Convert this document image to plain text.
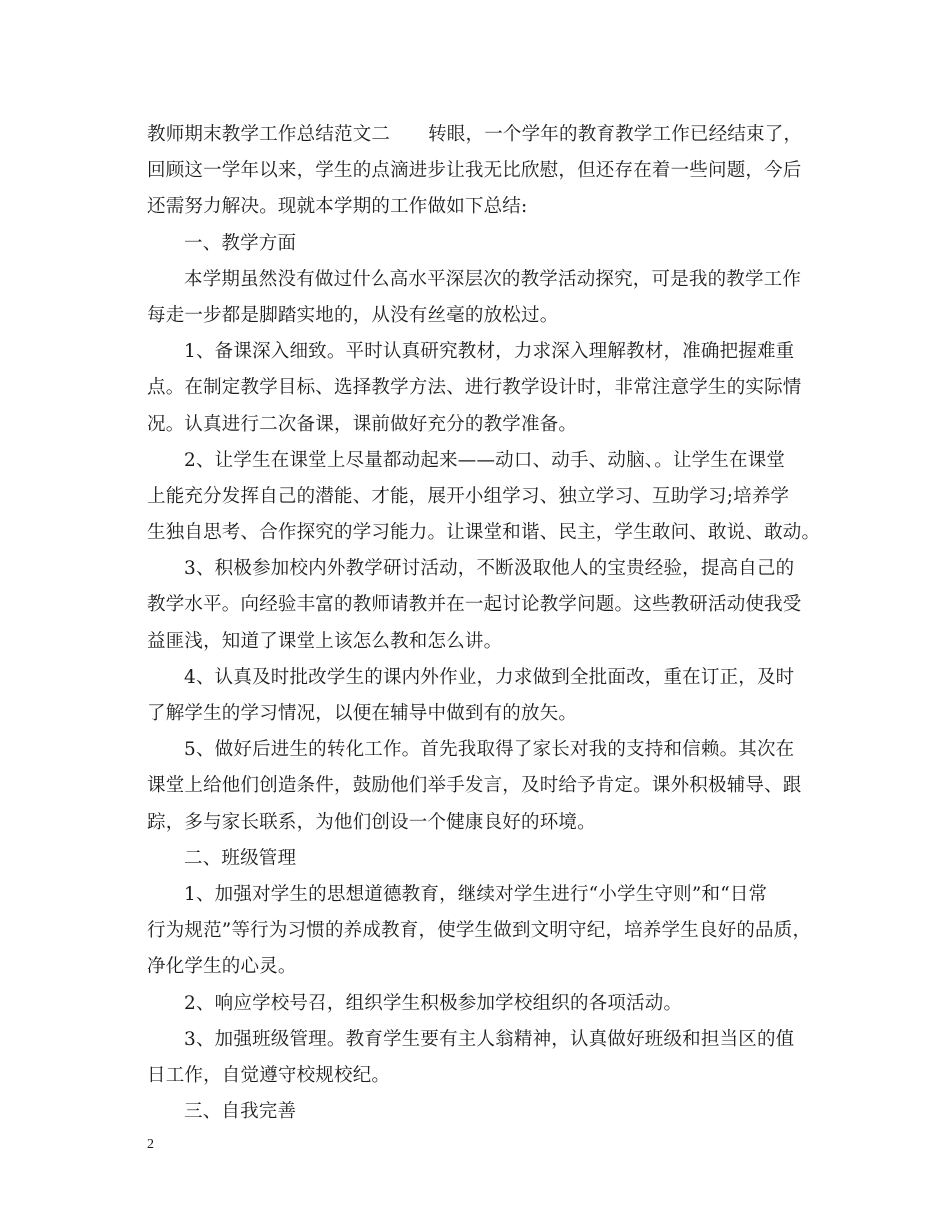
教师期末教学工作总结范文二 转眼，一个学年的教育教学工作已经结束了，
回顾这一学年以来，学生的点滴进步让我无比欣慰，但还存在着一些问题，今后
还需努力解决。现就本学期的工作做如下总结:
一、教学方面
本学期虽然没有做过什么高水平深层次的教学活动探究，可是我的教学工作
每走一步都是脚踏实地的，从没有丝毫的放松过。
1、备课深入细致。平时认真研究教材，力求深入理解教材，准确把握难重
点。在制定教学目标、选择教学方法、进行教学设计时，非常注意学生的实际情
况。认真进行二次备课，课前做好充分的教学准备。
2、让学生在课堂上尽量都动起来——动口、动手、动脑、。让学生在课堂
上能充分发挥自己的潜能、才能，展开小组学习、独立学习、互助学习;培养学
生独自思考、合作探究的学习能力。让课堂和谐、民主，学生敢问、敢说、敢动。
3、积极参加校内外教学研讨活动，不断汲取他人的宝贵经验，提高自己的
教学水平。向经验丰富的教师请教并在一起讨论教学问题。这些教研活动使我受
益匪浅，知道了课堂上该怎么教和怎么讲。
4、认真及时批改学生的课内外作业，力求做到全批面改，重在订正，及时
了解学生的学习情况，以便在辅导中做到有的放矢。
5、做好后进生的转化工作。首先我取得了家长对我的支持和信赖。其次在
课堂上给他们创造条件，鼓励他们举手发言，及时给予肯定。课外积极辅导、跟
踪，多与家长联系，为他们创设一个健康良好的环境。
二、班级管理
1、加强对学生的思想道德教育，继续对学生进行“小学生守则”和“日常
行为规范”等行为习惯的养成教育，使学生做到文明守纪，培养学生良好的品质，
净化学生的心灵。
2、响应学校号召，组织学生积极参加学校组织的各项活动。
3、加强班级管理。教育学生要有主人翁精神，认真做好班级和担当区的值
日工作，自觉遵守校规校纪。
三、自我完善
2
